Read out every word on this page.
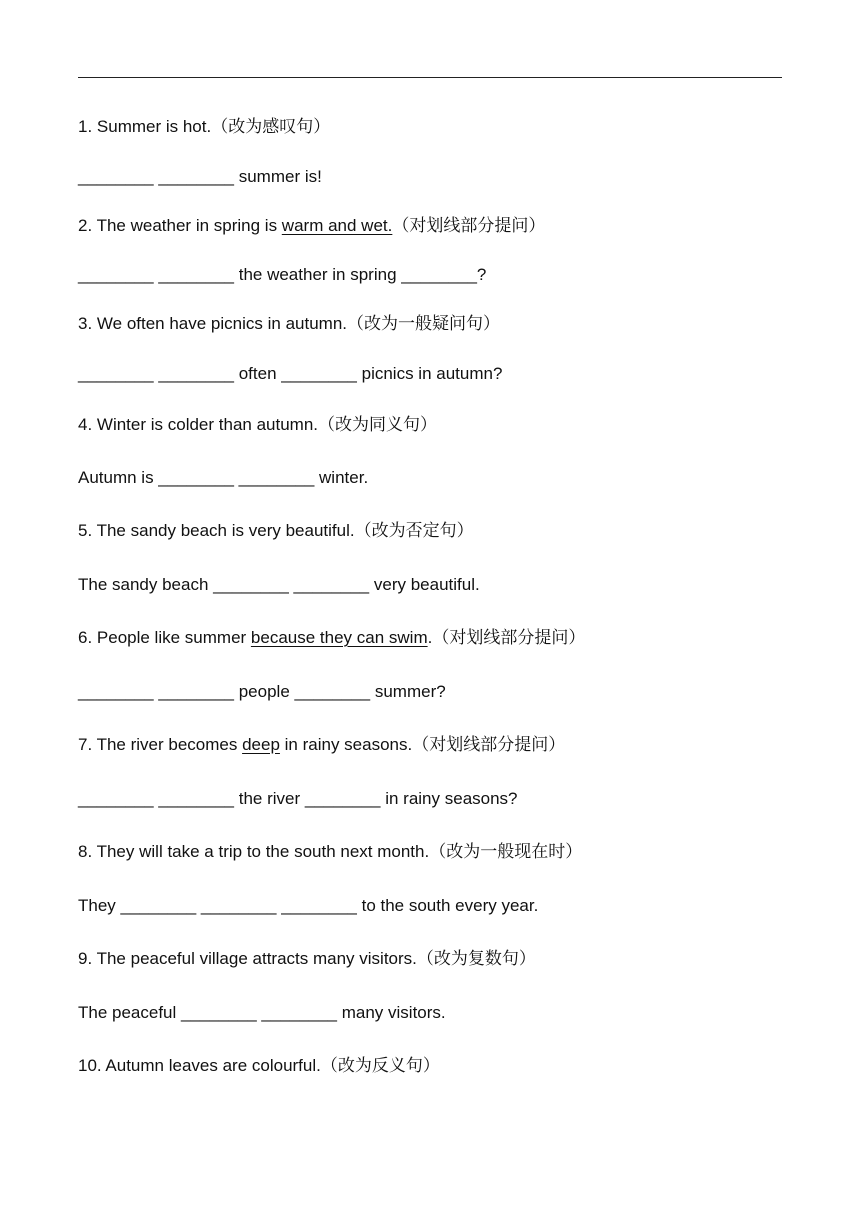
1. Summer is hot.（改为感叹句）
________ ________ summer is!
2. The weather in spring is warm and wet.（对划线部分提问）
________ ________ the weather in spring ________?
3. We often have picnics in autumn.（改为一般疑问句）
________ ________ often ________ picnics in autumn?
4. Winter is colder than autumn.（改为同义句）
Autumn is ________ ________ winter.
5. The sandy beach is very beautiful.（改为否定句）
The sandy beach ________ ________ very beautiful.
6. People like summer because they can swim.（对划线部分提问）
________ ________ people ________ summer?
7. The river becomes deep in rainy seasons.（对划线部分提问）
________ ________ the river ________ in rainy seasons?
8. They will take a trip to the south next month.（改为一般现在时）
They ________ ________ ________ to the south every year.
9. The peaceful village attracts many visitors.（改为复数句）
The peaceful ________ ________ many visitors.
10. Autumn leaves are colourful.（改为反义句）
